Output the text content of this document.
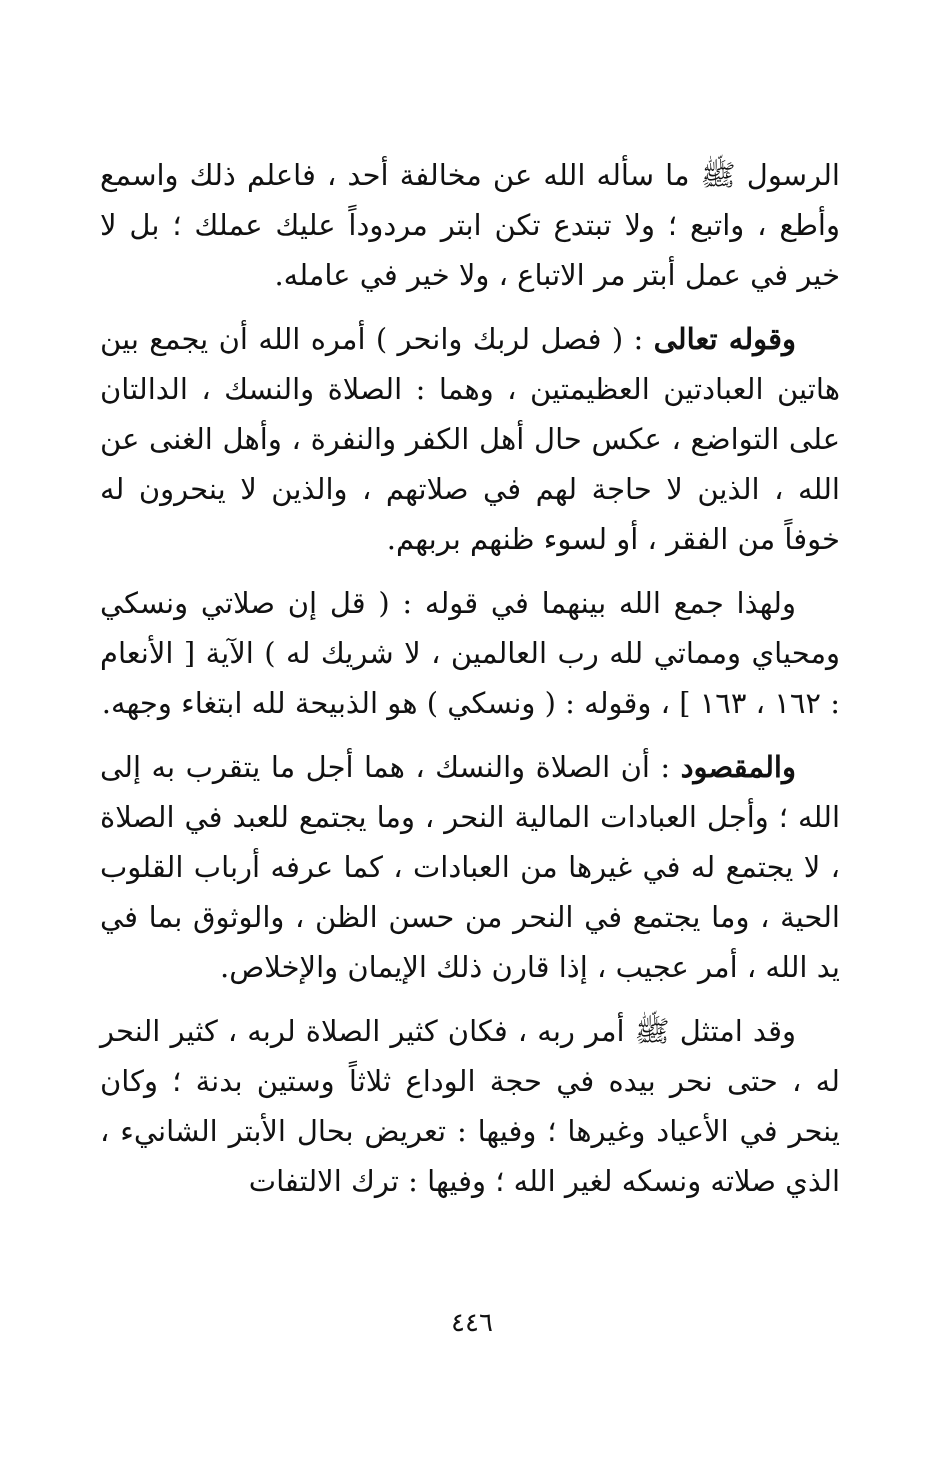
الرسول ﷺ ما سأله الله عن مخالفة أحد ، فاعلم ذلك واسمع وأطع ، واتبع ؛ ولا تبتدع تكن ابتر مردوداً عليك عملك ؛ بل لا خير في عمل أبتر مر الاتباع ، ولا خير في عامله.

وقوله تعالى : ( فصل لربك وانحر ) أمره الله أن يجمع بين هاتين العبادتين العظيمتين ، وهما : الصلاة والنسك ، الدالتان على التواضع ، عكس حال أهل الكفر والنفرة ، وأهل الغنى عن الله ، الذين لا حاجة لهم في صلاتهم ، والذين لا ينحرون له خوفاً من الفقر ، أو لسوء ظنهم بربهم.

ولهذا جمع الله بينهما في قوله : ( قل إن صلاتي ونسكي ومحياي ومماتي لله رب العالمين ، لا شريك له ) الآية [ الأنعام : ١٦٢ ، ١٦٣ ] ، وقوله : ( ونسكي ) هو الذبيحة لله ابتغاء وجهه.

والمقصود : أن الصلاة والنسك ، هما أجل ما يتقرب به إلى الله ؛ وأجل العبادات المالية النحر ، وما يجتمع للعبد في الصلاة ، لا يجتمع له في غيرها من العبادات ، كما عرفه أرباب القلوب الحية ، وما يجتمع في النحر من حسن الظن ، والوثوق بما في يد الله ، أمر عجيب ، إذا قارن ذلك الإيمان والإخلاص.

وقد امتثل ﷺ أمر ربه ، فكان كثير الصلاة لربه ، كثير النحر له ، حتى نحر بيده في حجة الوداع ثلاثاً وستين بدنة ؛ وكان ينحر في الأعياد وغيرها ؛ وفيها : تعريض بحال الأبتر الشانيء ، الذي صلاته ونسكه لغير الله ؛ وفيها : ترك الالتفات

٤٤٦
